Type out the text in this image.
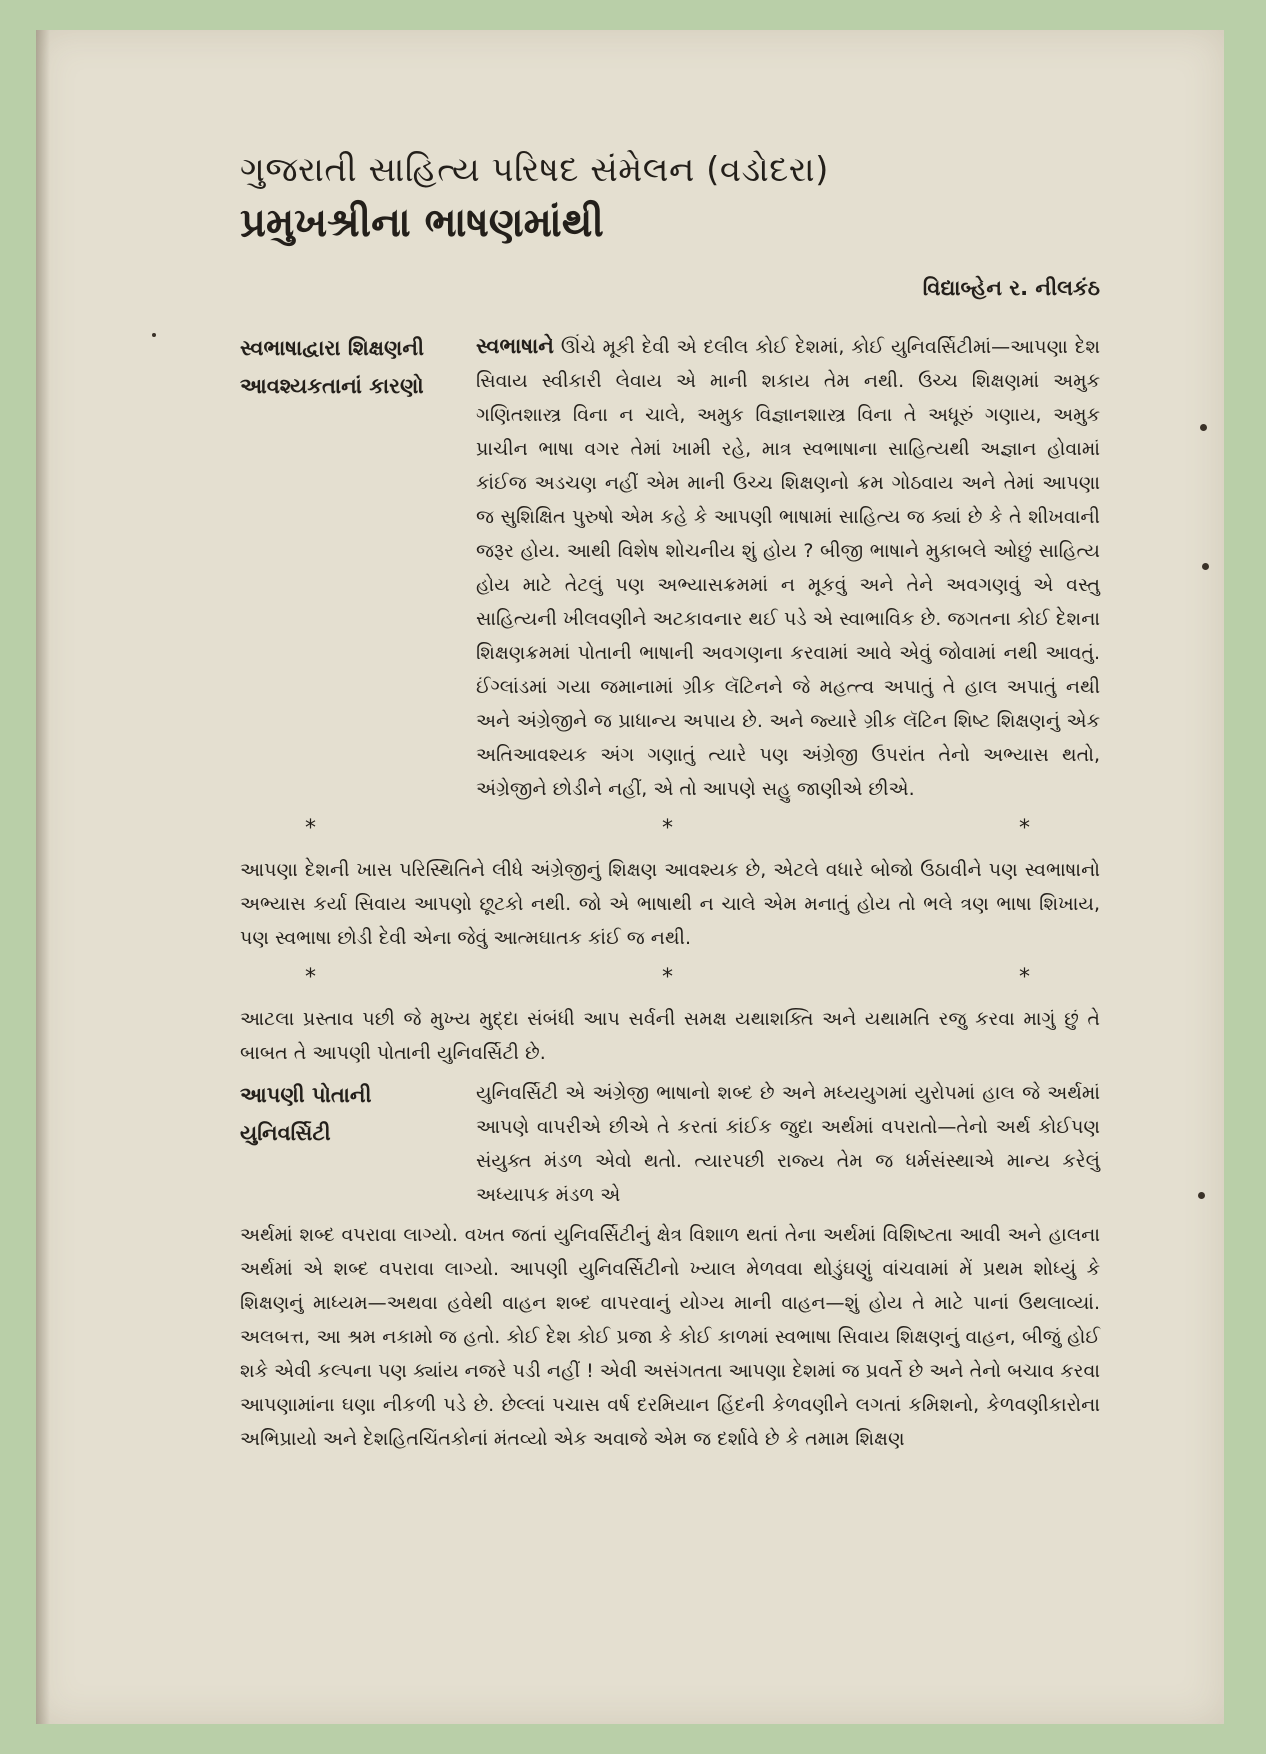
ગુજરાતી સાહિત્ય પરિષદ સંમેલન (વડોદરા)
પ્રમુખશ્રીના ભાષણમાંથી
વિદ્યાબ્હેન ર. નીલકંઠ
સ્વભાષાદ્વારા શિક્ષણની
આવશ્યકતાનાં કારણો

સ્વભાષાને ઊંચે મૂકી દેવી એ દલીલ કોઈ દેશમાં, કોઈ યુનિવર્સિટીમાં—આપણા દેશ સિવાય સ્વીકારી લેવાય એ માની શકાય તેમ નથી. ઉચ્ચ શિક્ષણમાં અમુક ગણિતશાસ્ત્ર વિના ન ચાલે, અમુક વિજ્ઞાનશાસ્ત્ર વિના તે અધૂરું ગણાય, અમુક પ્રાચીન ભાષા વગર તેમાં ખામી રહે, માત્ર સ્વભાષાના સાહિત્યથી અજ્ઞાન હોવામાં કાંઈજ અડચણ નહીં એમ માની ઉચ્ચ શિક્ષણનો ક્રમ ગોઠવાય અને તેમાં આપણા જ સુશિક્ષિત પુરુષો એમ કહે કે આપણી ભાષામાં સાહિત્ય જ ક્યાં છે કે તે શીખવાની જરૂર હોય. આથી વિશેષ શોચનીય શું હોય ? બીજી ભાષાને મુકાબલે ઓછું સાહિત્ય હોય માટે તેટલું પણ અભ્યાસક્રમમાં ન મૂકવું અને તેને અવગણવું એ વસ્તુ સાહિત્યની ખીલવણીને અટકાવનાર થઈ પડે એ સ્વાભાવિક છે. જગતના કોઈ દેશના શિક્ષણક્રમમાં પોતાની ભાષાની અવગણના કરવામાં આવે એવું જોવામાં નથી આવતું. ઈંગ્લાંડમાં ગયા જમાનામાં ગ્રીક લૅટિનને જે મહત્ત્વ અપાતું તે હાલ અપાતું નથી અને અંગ્રેજીને જ પ્રાધાન્ય અપાય છે. અને જ્યારે ગ્રીક લૅટિન શિષ્ટ શિક્ષણનું એક અતિઆવશ્યક અંગ ગણાતું ત્યારે પણ અંગ્રેજી ઉપરાંત તેનો અભ્યાસ થતો, અંગ્રેજીને છોડીને નહીં, એ તો આપણે સહુ જાણીએ છીએ.

*	*	*

આપણા દેશની ખાસ પરિસ્થિતિને લીધે અંગ્રેજીનું શિક્ષણ આવશ્યક છે, એટલે વધારે બોજો ઉઠાવીને પણ સ્વભાષાનો અભ્યાસ કર્યા સિવાય આપણો છૂટકો નથી. જો એ ભાષાથી ન ચાલે એમ મનાતું હોય તો ભલે ત્રણ ભાષા શિખાય, પણ સ્વભાષા છોડી દેવી એના જેવું આત્મઘાતક કાંઈ જ નથી.

*	*	*

આટલા પ્રસ્તાવ પછી જે મુખ્ય મુદ્દા સંબંધી આપ સર્વની સમક્ષ યથાશક્તિ અને યથામતિ રજુ કરવા માગું છું તે બાબત તે આપણી પોતાની યુનિવર્સિટી છે.

આપણી પોતાની
યુનિવર્સિટી

યુનિવર્સિટી એ અંગ્રેજી ભાષાનો શબ્દ છે અને મધ્યયુગમાં યુરોપમાં હાલ જે અર્થમાં આપણે વાપરીએ છીએ તે કરતાં કાંઈક જુદા અર્થમાં વપરાતો—તેનો અર્થ કોઈપણ સંયુક્ત મંડળ એવો થતો. ત્યારપછી રાજ્ય તેમ જ ધર્મસંસ્થાએ માન્ય કરેલું અધ્યાપક મંડળ એ

અર્થમાં શબ્દ વપરાવા લાગ્યો. વખત જતાં યુનિવર્સિટીનું ક્ષેત્ર વિશાળ થતાં તેના અર્થમાં વિશિષ્ટતા આવી અને હાલના અર્થમાં એ શબ્દ વપરાવા લાગ્યો. આપણી યુનિવર્સિટીનો ખ્યાલ મેળવવા થોડુંઘણું વાંચવામાં મેં પ્રથમ શોધ્યું કે શિક્ષણનું માધ્યમ—અથવા હવેથી વાહન શબ્દ વાપરવાનું યોગ્ય માની વાહન—શું હોય તે માટે પાનાં ઉથલાવ્યાં. અલબત્ત, આ શ્રમ નકામો જ હતો. કોઈ દેશ કોઈ પ્રજા કે કોઈ કાળમાં સ્વભાષા સિવાય શિક્ષણનું વાહન, બીજું હોઈ શકે એવી કલ્પના પણ ક્યાંય નજરે પડી નહીં ! એવી અસંગતતા આપણા દેશમાં જ પ્રવર્તે છે અને તેનો બચાવ કરવા આપણામાંના ઘણા નીકળી પડે છે. છેલ્લાં પચાસ વર્ષ દરમિયાન હિંદની કેળવણીને લગતાં કમિશનો, કેળવણીકારોના અભિપ્રાયો અને દેશહિતચિંતકોનાં મંતવ્યો એક અવાજે એમ જ દર્શાવે છે કે તમામ શિક્ષણ
